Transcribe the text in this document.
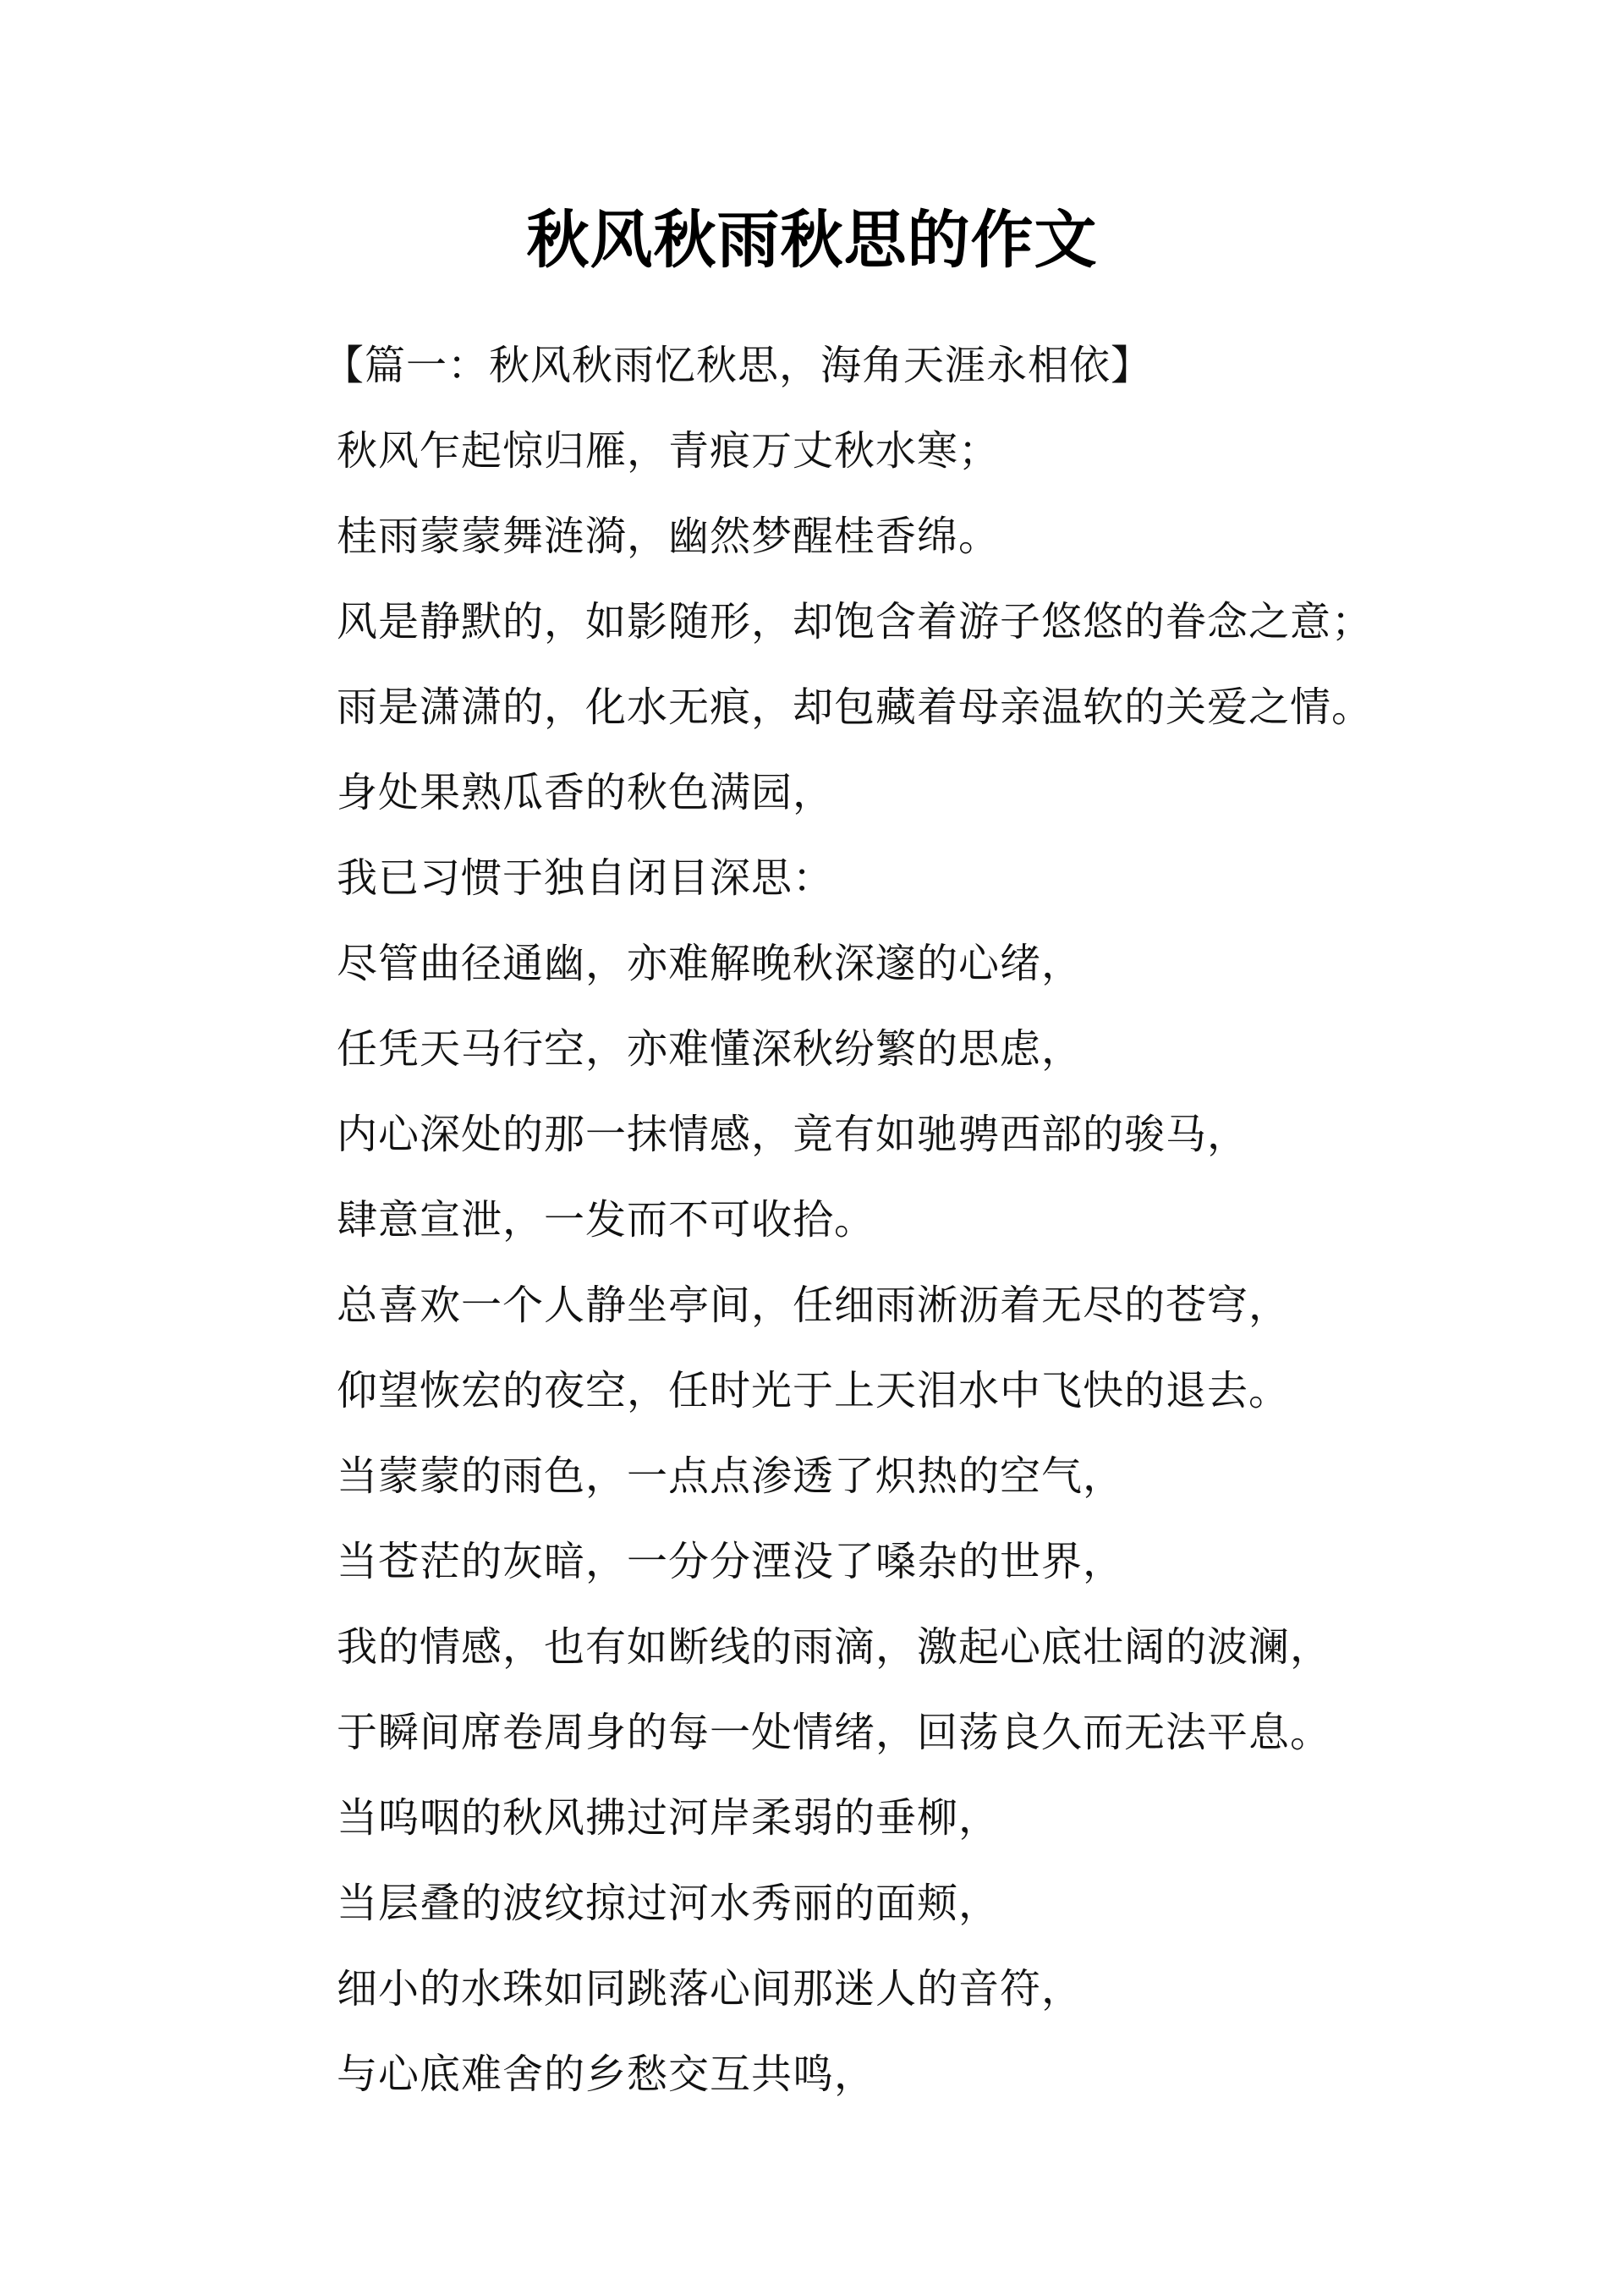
秋风秋雨秋思的作文
【篇一：秋风秋雨忆秋思，海角天涯永相依】
秋风乍起惊归雁，青痕万丈秋水寒；
桂雨蒙蒙舞涟漪，幽然梦醒桂香绵。
风是静默的，如影随形，却饱含着游子悠悠的眷念之意；
雨是潇潇的，化水无痕，却包藏着母亲温软的关爱之情。
身处果熟瓜香的秋色满园，
我已习惯于独自闭目深思：
尽管曲径通幽，亦难解晚秋深邃的心绪，
任凭天马行空，亦难懂深秋纷繁的思虑，
内心深处的那一抹情感，竟有如驰骋西部的骏马，
肆意宣泄，一发而不可收拾。
总喜欢一个人静坐亭间，任细雨淅沥着无尽的苍穹，
仰望恢宏的夜空，任时光于上天泪水中飞快的退去。
当蒙蒙的雨色，一点点渗透了炽热的空气，
当苍茫的灰暗，一分分湮没了嗓杂的世界，
我的情感，也有如断线的雨滴，激起心底壮阔的波澜，
于瞬间席卷周身的每一处情绪，回荡良久而无法平息。
当呜咽的秋风拂过河岸柔弱的垂柳，
当层叠的波纹掠过河水秀丽的面颊，
细小的水珠如同跳落心间那迷人的音符，
与心底难舍的乡愁交互共鸣，
